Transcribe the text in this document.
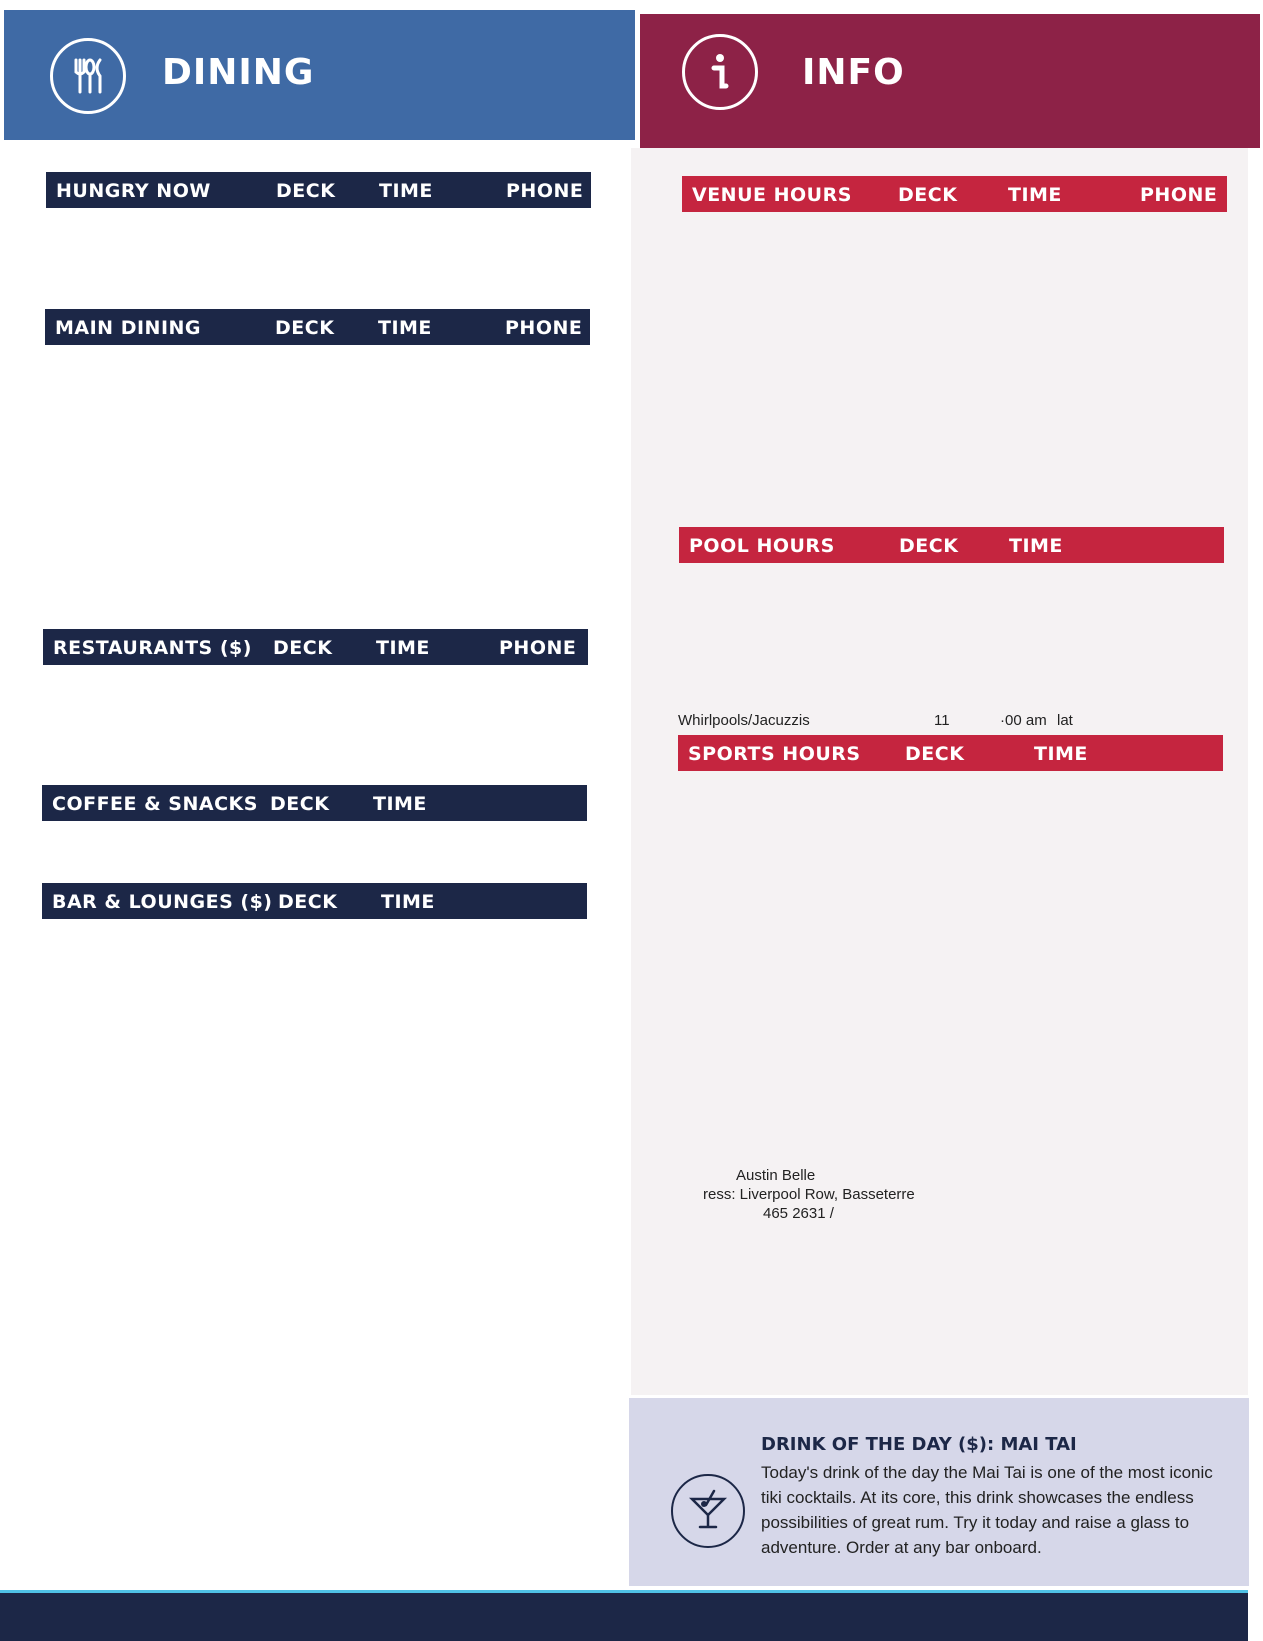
DINING	INFO
HUNGRY NOW	DECK TIME	PHONE
MAIN DINING	DECK TIME	PHONE
RESTAURANTS ($) DECK TIME	PHONE
COFFEE & SNACKS DECK TIME
BAR & LOUNGES ($) DECK TIME
VENUE HOURS DECK	TIME	PHONE
POOL HOURS	DECK	TIME
Whirlpools/Jacuzzis	11	·00 am lat
SPORTS HOURS DECK	TIME
Austin Belle
ress: Liverpool Row, Basseterre
465 2631 /
DRINK OF THE DAY ($): MAI TAI
Today's drink of the day the Mai Tai is one of the most iconic tiki cocktails. At its core, this drink showcases the endless possibilities of great rum. Try it today and raise a glass to adventure. Order at any bar onboard.
